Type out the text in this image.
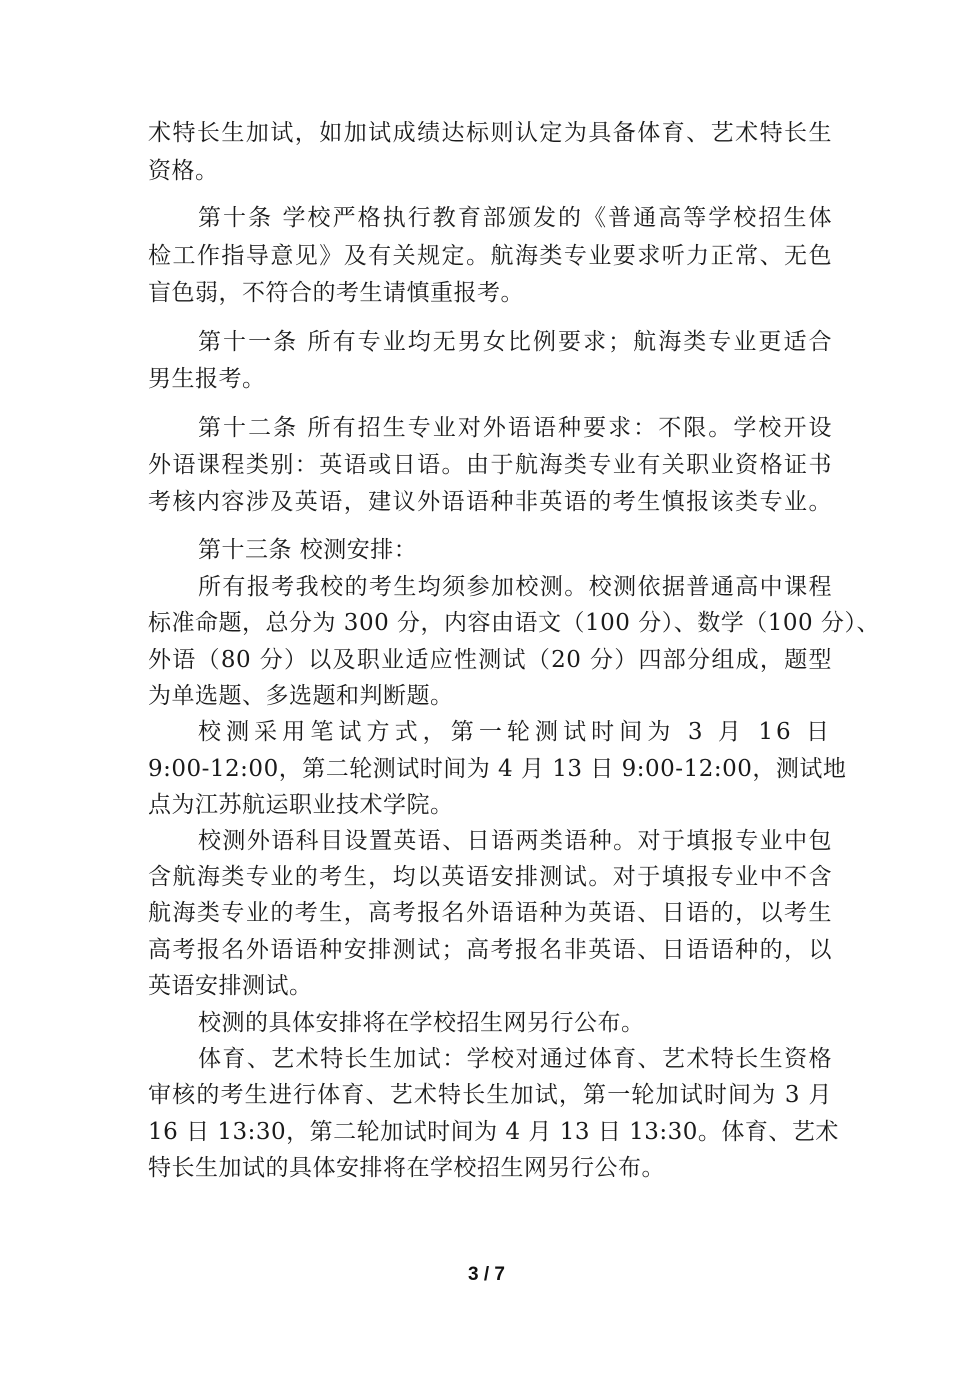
术特长生加试，如加试成绩达标则认定为具备体育、艺术特长生
资格。
第十条 学校严格执行教育部颁发的《普通高等学校招生体
检工作指导意见》及有关规定。航海类专业要求听力正常、无色
盲色弱，不符合的考生请慎重报考。
第十一条 所有专业均无男女比例要求；航海类专业更适合
男生报考。
第十二条 所有招生专业对外语语种要求：不限。学校开设
外语课程类别：英语或日语。由于航海类专业有关职业资格证书
考核内容涉及英语，建议外语语种非英语的考生慎报该类专业。
第十三条 校测安排：
所有报考我校的考生均须参加校测。校测依据普通高中课程
标准命题，总分为 300 分，内容由语文（100 分）、数学（100 分）、
外语（80 分）以及职业适应性测试（20 分）四部分组成，题型
为单选题、多选题和判断题。
校测采用笔试方式，第一轮测试时间为 3 月 16 日
9:00-12:00，第二轮测试时间为 4 月 13 日 9:00-12:00，测试地
点为江苏航运职业技术学院。
校测外语科目设置英语、日语两类语种。对于填报专业中包
含航海类专业的考生，均以英语安排测试。对于填报专业中不含
航海类专业的考生，高考报名外语语种为英语、日语的，以考生
高考报名外语语种安排测试；高考报名非英语、日语语种的，以
英语安排测试。
校测的具体安排将在学校招生网另行公布。
体育、艺术特长生加试：学校对通过体育、艺术特长生资格
审核的考生进行体育、艺术特长生加试，第一轮加试时间为 3 月
16 日 13:30，第二轮加试时间为 4 月 13 日 13:30。体育、艺术
特长生加试的具体安排将在学校招生网另行公布。
3 / 7
